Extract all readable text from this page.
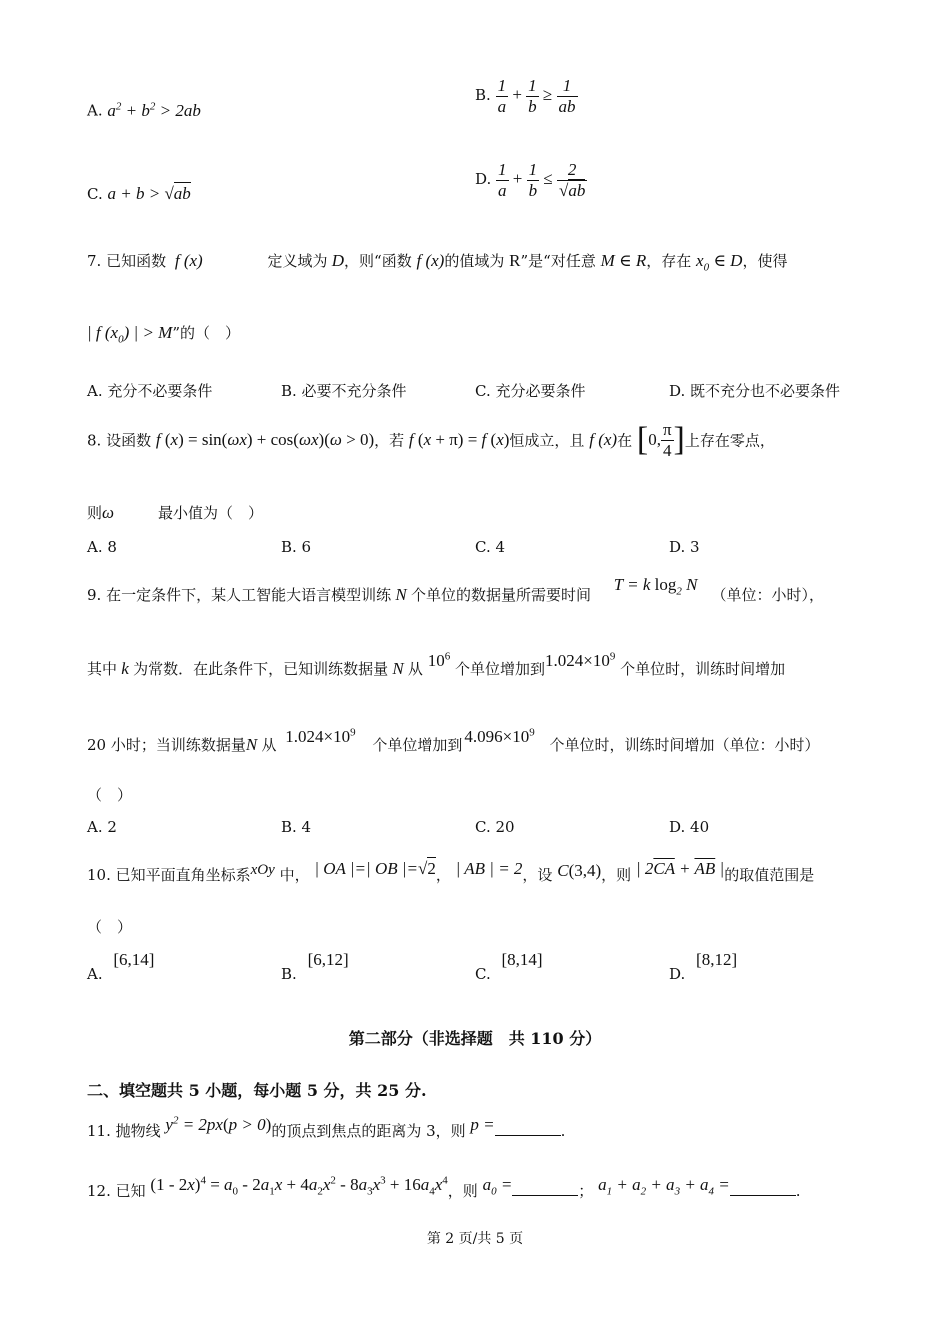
A. $a^2 + b^2 > 2ab$
B. $\frac{1}{a} + \frac{1}{b} \ge \frac{1}{ab}$
C. a + b > √ab
D. $\frac{1}{a} + \frac{1}{b} \le \frac{2}{√ab}$
7. 已知函数 f (x)	定义域为 D，则“函数 f (x)的值域为 R”是“对任意 M ∈ R，存在 $x_0$ ∈ D，使得
| f $(x_0)$ | > M”的（　）
A. 充分不必要条件	B. 必要不充分条件	C. 充分必要条件	D. 既不充分也不必要条件
8. 设函数 f (x) = sin(ωx) + cos(ωx)(ω > 0)，若 f (x + π) = f (x)恒成立，且 f (x)在 [0, $\frac{\pi}{4}$ ]上存在零点，
则ω	最小值为（　）
A. 8	B. 6	C. 4	D. 3
9. 在一定条件下，某人工智能大语言模型训练 N 个单位的数据量所需要时间 T = k $\log_2 N$（单位：小时），
其中 k 为常数．在此条件下，已知训练数据量 N 从 $10^6$ 个单位增加到$1.024\times 10^9$ 个单位时，训练时间增加
20 小时；当训练数据量N 从 $1.024\times 10^9$ 个单位增加到 $4.096\times 10^9$ 个单位时，训练时间增加（单位：小时）
（　）
A. 2	B. 4	C. 20	D. 40
10. 已知平面直角坐标系xOy 中， | OA |=| OB |=√2， | AB | = 2，设 C(3,4)，则 | $2\overline{CA} + \overline{AB}$ |的取值范围是
（　）
A. [6,14]
B. [6,12]
C. [8,14]
D. [8,12]
第二部分（非选择题　共 110 分）
二、填空题共 5 小题，每小题 5 分，共 25 分.
11. 抛物线 $y^2 = 2px(p > 0)$的顶点到焦点的距离为 3，则 p =	.
12. 已知 $(1 - 2x)^4 = a_0 - 2a_1x + 4a_2x^2 - 8a_3x^3 + 16a_4x^4$，则 $a_0$ =	； $a_1 + a_2 + a_3 + a_4$ =	.
第 2 页/共 5 页
